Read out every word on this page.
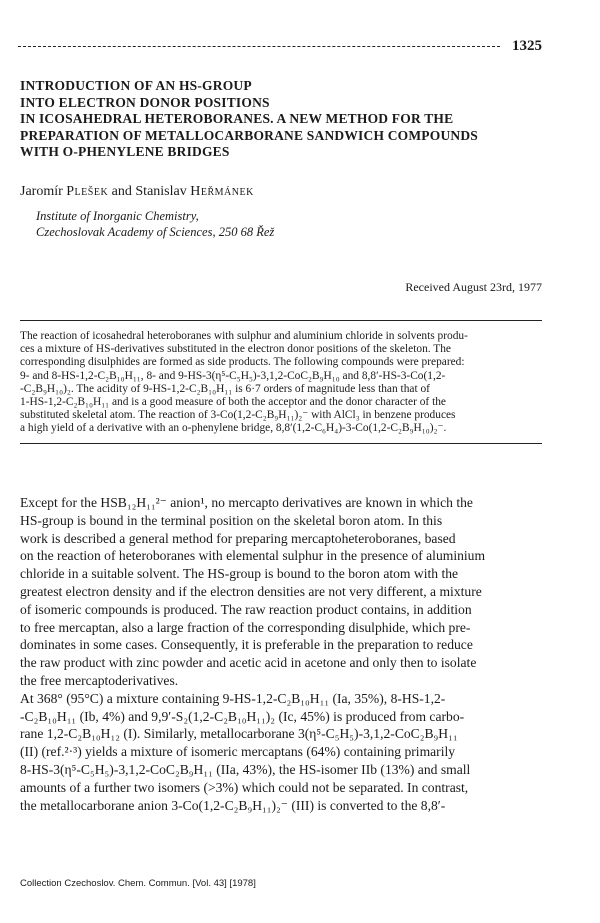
1325
INTRODUCTION OF AN HS-GROUP
INTO ELECTRON DONOR POSITIONS
IN ICOSAHEDRAL HETEROBORANES. A NEW METHOD FOR THE
PREPARATION OF METALLOCARBORANE SANDWICH COMPOUNDS
WITH O-PHENYLENE BRIDGES
Jaromír Plešek and Stanislav Heřmánek
Institute of Inorganic Chemistry,
Czechoslovak Academy of Sciences, 250 68 Řež
Received August 23rd, 1977
The reaction of icosahedral heteroboranes with sulphur and aluminium chloride in solvents produ-
ces a mixture of HS-derivatives substituted in the electron donor positions of the skeleton. The
corresponding disulphides are formed as side products. The following compounds were prepared:
9- and 8-HS-1,2-C₂B₁₀H₁₁, 8- and 9-HS-3(η⁵-C₅H₅)-3,1,2-CoC₂B₉H₁₀ and 8,8′-HS-3-Co(1,2-
-C₂B₉H₁₀)₂. The acidity of 9-HS-1,2-C₂B₁₀H₁₁ is 6·7 orders of magnitude less than that of
1-HS-1,2-C₂B₁₀H₁₁ and is a good measure of both the acceptor and the donor character of the
substituted skeletal atom. The reaction of 3-Co(1,2-C₂B₉H₁₁)₂⁻ with AlCl₃ in benzene produces
a high yield of a derivative with an o-phenylene bridge, 8,8′(1,2-C₆H₄)-3-Co(1,2-C₂B₉H₁₀)₂⁻.
Except for the HSB₁₂H₁₁²⁻ anion¹, no mercapto derivatives are known in which the
HS-group is bound in the terminal position on the skeletal boron atom. In this
work is described a general method for preparing mercaptoheteroboranes, based
on the reaction of heteroboranes with elemental sulphur in the presence of aluminium
chloride in a suitable solvent. The HS-group is bound to the boron atom with the
greatest electron density and if the electron densities are not very different, a mixture
of isomeric compounds is produced. The raw reaction product contains, in addition
to free mercaptan, also a large fraction of the corresponding disulphide, which pre-
dominates in some cases. Consequently, it is preferable in the preparation to reduce
the raw product with zinc powder and acetic acid in acetone and only then to isolate
the free mercaptoderivatives.
At 368° (95°C) a mixture containing 9-HS-1,2-C₂B₁₀H₁₁ (Ia, 35%), 8-HS-1,2-
-C₂B₁₀H₁₁ (Ib, 4%) and 9,9′-S₂(1,2-C₂B₁₀H₁₁)₂ (Ic, 45%) is produced from carbo-
rane 1,2-C₂B₁₀H₁₂ (I). Similarly, metallocarborane 3(η⁵-C₅H₅)-3,1,2-CoC₂B₉H₁₁
(II) (ref.²·³) yields a mixture of isomeric mercaptans (64%) containing primarily
8-HS-3(η⁵-C₅H₅)-3,1,2-CoC₂B₉H₁₁ (IIa, 43%), the HS-isomer IIb (13%) and small
amounts of a further two isomers (>3%) which could not be separated. In contrast,
the metallocarborane anion 3-Co(1,2-C₂B₉H₁₁)₂⁻ (III) is converted to the 8,8′-
Collection Czechoslov. Chem. Commun. [Vol. 43] [1978]
